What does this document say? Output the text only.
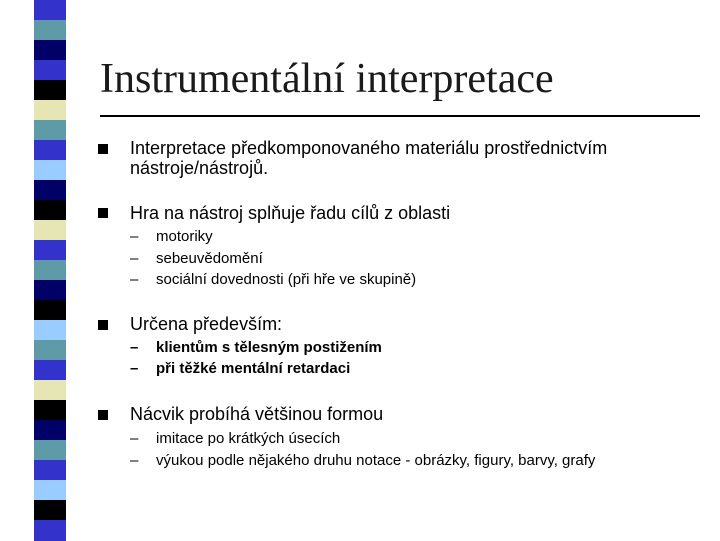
Instrumentální interpretace
Interpretace předkomponovaného materiálu prostřednictvím nástroje/nástrojů.
Hra na nástroj splňuje řadu cílů z oblasti
– motoriky
– sebeuvědomění
– sociální dovednosti (při hře ve skupině)
Určena především:
– klientům s tělesným postižením
– při těžké mentální retardaci
Nácvik probíhá většinou formou
– imitace po krátkých úsecích
– výukou podle nějakého druhu notace - obrázky, figury, barvy, grafy
